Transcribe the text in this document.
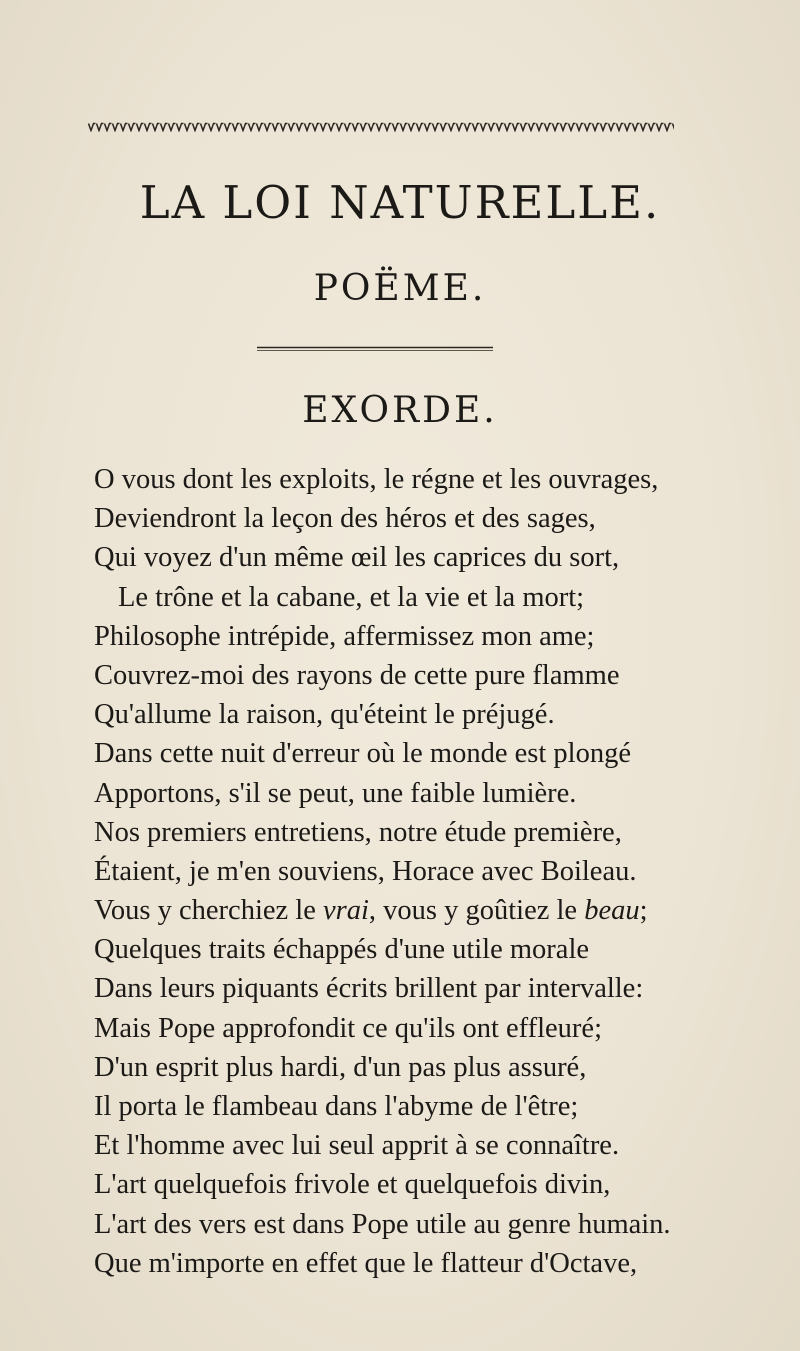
LA LOI NATURELLE.
POËME.
EXORDE.
O vous dont les exploits, le régne et les ouvrages,
Deviendront la leçon des héros et des sages,
Qui voyez d'un même œil les caprices du sort,
Le trône et la cabane, et la vie et la mort;
Philosophe intrépide, affermissez mon ame;
Couvrez-moi des rayons de cette pure flamme
Qu'allume la raison, qu'éteint le préjugé.
Dans cette nuit d'erreur où le monde est plongé
Apportons, s'il se peut, une faible lumière.
Nos premiers entretiens, notre étude première,
Étaient, je m'en souviens, Horace avec Boileau.
Vous y cherchiez le vrai, vous y goûtiez le beau;
Quelques traits échappés d'une utile morale
Dans leurs piquants écrits brillent par intervalle:
Mais Pope approfondit ce qu'ils ont effleuré;
D'un esprit plus hardi, d'un pas plus assuré,
Il porta le flambeau dans l'abyme de l'être;
Et l'homme avec lui seul apprit à se connaître.
L'art quelquefois frivole et quelquefois divin,
L'art des vers est dans Pope utile au genre humain.
Que m'importe en effet que le flatteur d'Octave,
